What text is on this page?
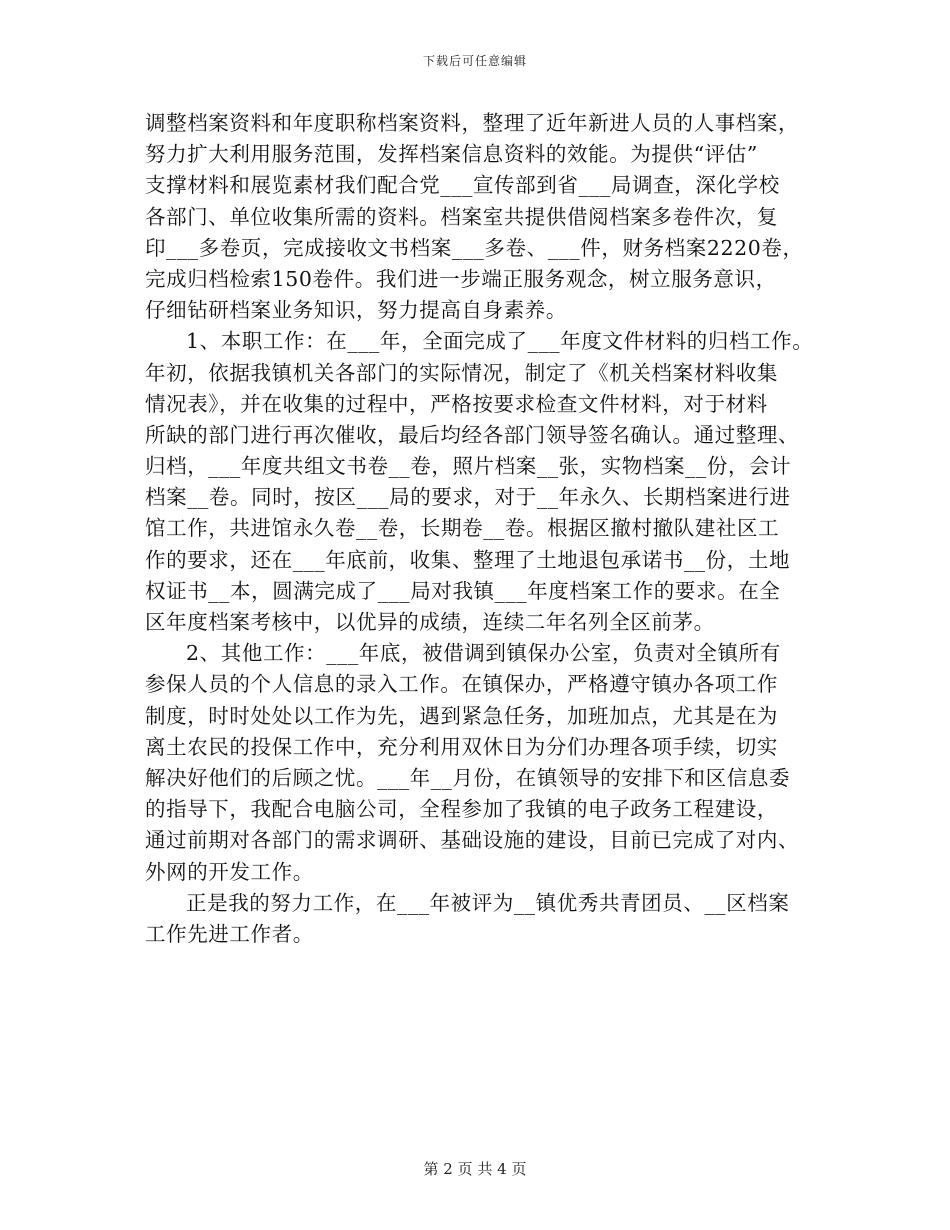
下载后可任意编辑
调整档案资料和年度职称档案资料，整理了近年新进人员的人事档案，
努力扩大利用服务范围，发挥档案信息资料的效能。为提供“评估”
支撑材料和展览素材我们配合党___宣传部到省___局调查，深化学校
各部门、单位收集所需的资料。档案室共提供借阅档案多卷件次，复
印___多卷页，完成接收文书档案___多卷、___件，财务档案2220卷，
完成归档检索150卷件。我们进一步端正服务观念，树立服务意识，
仔细钻研档案业务知识，努力提高自身素养。
1、本职工作：在___年，全面完成了___年度文件材料的归档工作。
年初，依据我镇机关各部门的实际情况，制定了《机关档案材料收集
情况表》，并在收集的过程中，严格按要求检查文件材料，对于材料
所缺的部门进行再次催收，最后均经各部门领导签名确认。通过整理、
归档，___年度共组文书卷__卷，照片档案__张，实物档案__份，会计
档案__卷。同时，按区___局的要求，对于__年永久、长期档案进行进
馆工作，共进馆永久卷__卷，长期卷__卷。根据区撤村撤队建社区工
作的要求，还在___年底前，收集、整理了土地退包承诺书__份，土地
权证书__本，圆满完成了___局对我镇___年度档案工作的要求。在全
区年度档案考核中，以优异的成绩，连续二年名列全区前茅。
2、其他工作：___年底，被借调到镇保办公室，负责对全镇所有
参保人员的个人信息的录入工作。在镇保办，严格遵守镇办各项工作
制度，时时处处以工作为先，遇到紧急任务，加班加点，尤其是在为
离土农民的投保工作中，充分利用双休日为分们办理各项手续，切实
解决好他们的后顾之忧。___年__月份，在镇领导的安排下和区信息委
的指导下，我配合电脑公司，全程参加了我镇的电子政务工程建设，
通过前期对各部门的需求调研、基础设施的建设，目前已完成了对内、
外网的开发工作。
正是我的努力工作，在___年被评为__镇优秀共青团员、__区档案
工作先进工作者。
第 2 页 共 4 页
